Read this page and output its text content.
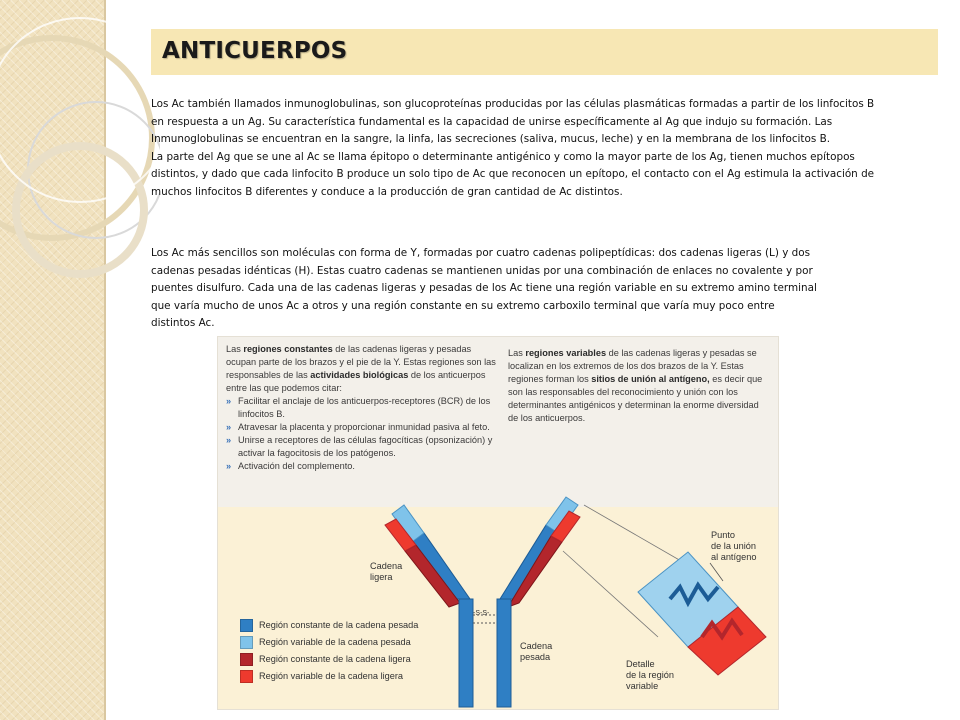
ANTICUERPOS
Los Ac también llamados inmunoglobulinas, son glucoproteínas producidas por las células plasmáticas formadas a partir de los linfocitos B
en respuesta a un Ag. Su característica fundamental es la capacidad de unirse específicamente al Ag que indujo su formación. Las
Inmunoglobulinas se encuentran en la sangre, la linfa, las secreciones (saliva, mucus, leche) y en la membrana de los linfocitos B.
La parte del Ag que se une al Ac se llama épitopo o determinante antigénico y como la mayor parte de los Ag, tienen muchos epítopos
distintos, y dado que cada linfocito B produce un solo tipo de Ac que reconocen un epítopo, el contacto con el Ag estimula la activación de
muchos linfocitos B diferentes y conduce a la producción de gran cantidad de Ac distintos.
Los Ac más sencillos son moléculas con forma de Y, formadas por cuatro cadenas polipeptídicas: dos cadenas ligeras (L) y dos
cadenas pesadas idénticas (H). Estas cuatro cadenas se mantienen unidas por una combinación de enlaces no covalente y por
puentes disulfuro. Cada una de las cadenas ligeras y pesadas de los Ac tiene una región variable en su extremo amino terminal
que varía mucho de unos Ac a otros y una región constante en su extremo carboxilo terminal que varía muy poco entre
distintos Ac.
Las regiones constantes de las cadenas ligeras y pesadas ocupan parte de los brazos y el pie de la Y. Estas regiones son las responsables de las actividades biológicas de los anticuerpos entre las que podemos citar:
» Facilitar el anclaje de los anticuerpos-receptores (BCR) de los linfocitos B.
» Atravesar la placenta y proporcionar inmunidad pasiva al feto.
» Unirse a receptores de las células fagocíticas (opsonización) y activar la fagocitosis de los patógenos.
» Activación del complemento.
Las regiones variables de las cadenas ligeras y pesadas se localizan en los extremos de los dos brazos de la Y. Estas regiones forman los sitios de unión al antígeno, es decir que son las responsables del reconocimiento y unión con los determinantes antigénicos y determinan la enorme diversidad de los anticuerpos.
Cadena
ligera
Cadena
pesada
Punto
de la unión
al antígeno
Detalle
de la región
variable
-S-S-
Región constante de la cadena pesada
Región variable de la cadena pesada
Región constante de la cadena ligera
Región variable de la cadena ligera
